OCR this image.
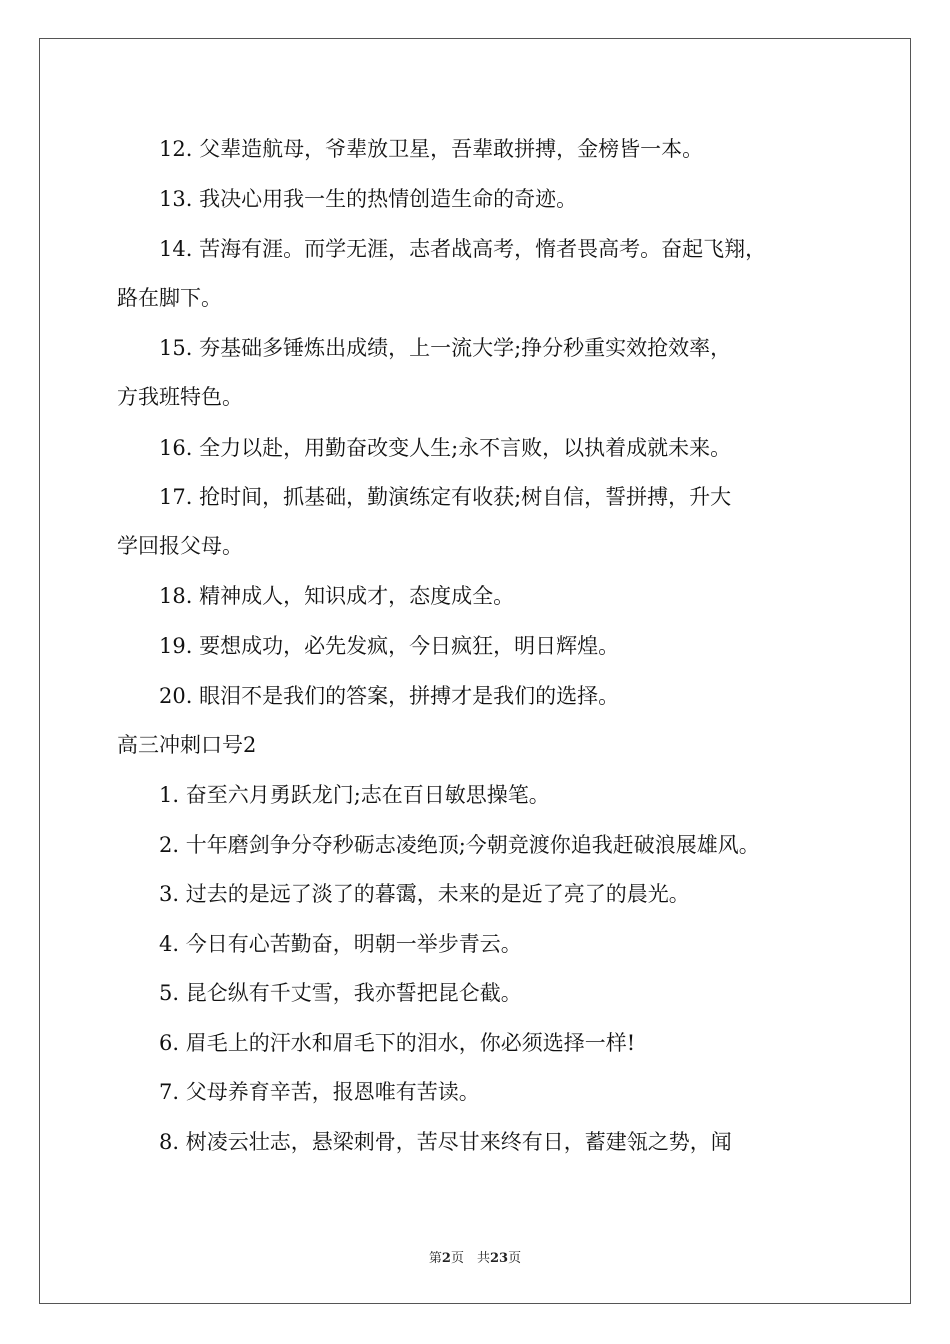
　　12. 父辈造航母，爷辈放卫星，吾辈敢拼搏，金榜皆一本。

　　13. 我决心用我一生的热情创造生命的奇迹。

　　14. 苦海有涯。而学无涯，志者战高考，惰者畏高考。奋起飞翔，
路在脚下。

　　15. 夯基础多锤炼出成绩，上一流大学;挣分秒重实效抢效率，
方我班特色。

　　16. 全力以赴，用勤奋改变人生;永不言败，以执着成就未来。

　　17. 抢时间，抓基础，勤演练定有收获;树自信，誓拼搏，升大
学回报父母。

　　18. 精神成人，知识成才，态度成全。

　　19. 要想成功，必先发疯，今日疯狂，明日辉煌。

　　20. 眼泪不是我们的答案，拼搏才是我们的选择。

高三冲刺口号2

　　1. 奋至六月勇跃龙门;志在百日敏思操笔。

　　2. 十年磨剑争分夺秒砺志凌绝顶;今朝竞渡你追我赶破浪展雄风。

　　3. 过去的是远了淡了的暮霭，未来的是近了亮了的晨光。

　　4. 今日有心苦勤奋，明朝一举步青云。

　　5. 昆仑纵有千丈雪，我亦誓把昆仑截。

　　6. 眉毛上的汗水和眉毛下的泪水，你必须选择一样!

　　7. 父母养育辛苦，报恩唯有苦读。

　　8. 树凌云壮志，悬梁刺骨，苦尽甘来终有日，蓄建瓴之势，闻

第2页　共23页
